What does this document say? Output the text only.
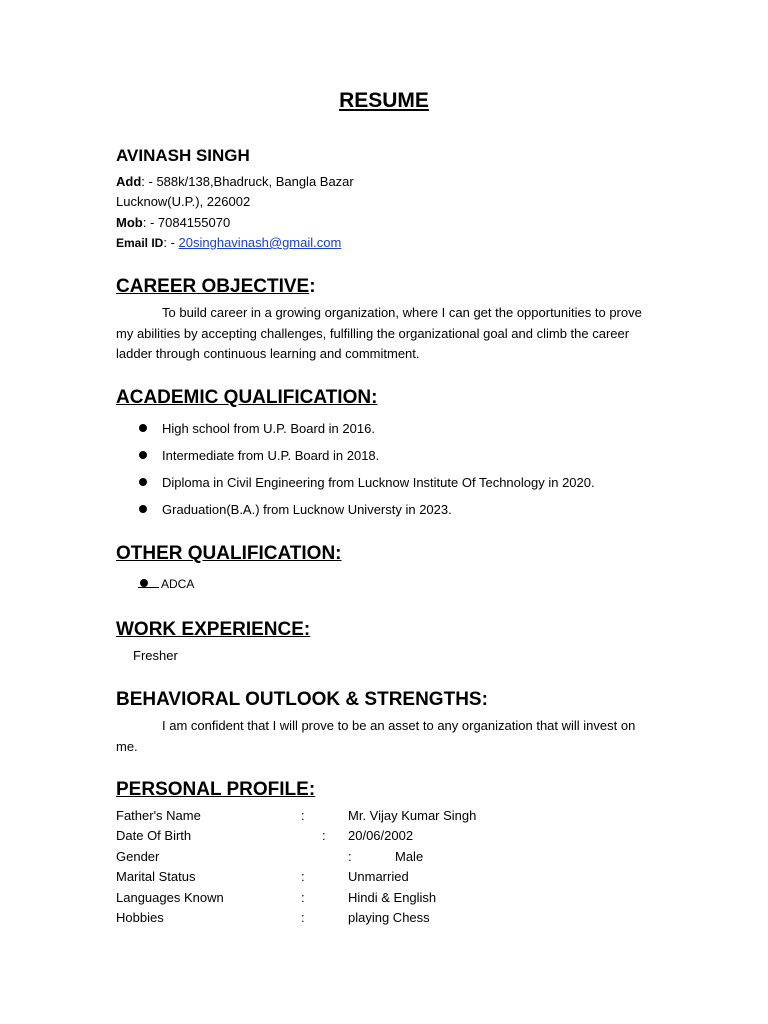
RESUME
AVINASH SINGH
Add: - 588k/138,Bhadruck, Bangla Bazar
Lucknow(U.P.), 226002
Mob: - 7084155070
Email ID: - 20singhavinash@gmail.com
CAREER OBJECTIVE:

To build career in a growing organization, where I can get the opportunities to prove my abilities by accepting challenges, fulfilling the organizational goal and climb the career ladder through continuous learning and commitment.

ACADEMIC QUALIFICATION:
High school from U.P. Board in 2016.
Intermediate from U.P. Board in 2018.
Diploma in Civil Engineering from Lucknow Institute Of Technology in 2020.
Graduation(B.A.) from Lucknow Universty in 2023.
OTHER QUALIFICATION:
ADCA
WORK EXPERIENCE:
Fresher
BEHAVIORAL OUTLOOK & STRENGTHS:

I am confident that I will prove to be an asset to any organization that will invest on me.

PERSONAL PROFILE:
Father's Name	:	Mr. Vijay Kumar Singh
Date Of Birth	: 20/06/2002
Gender	:	Male
Marital Status	:	Unmarried
Languages Known	:	Hindi & English
Hobbies	:	playing Chess
